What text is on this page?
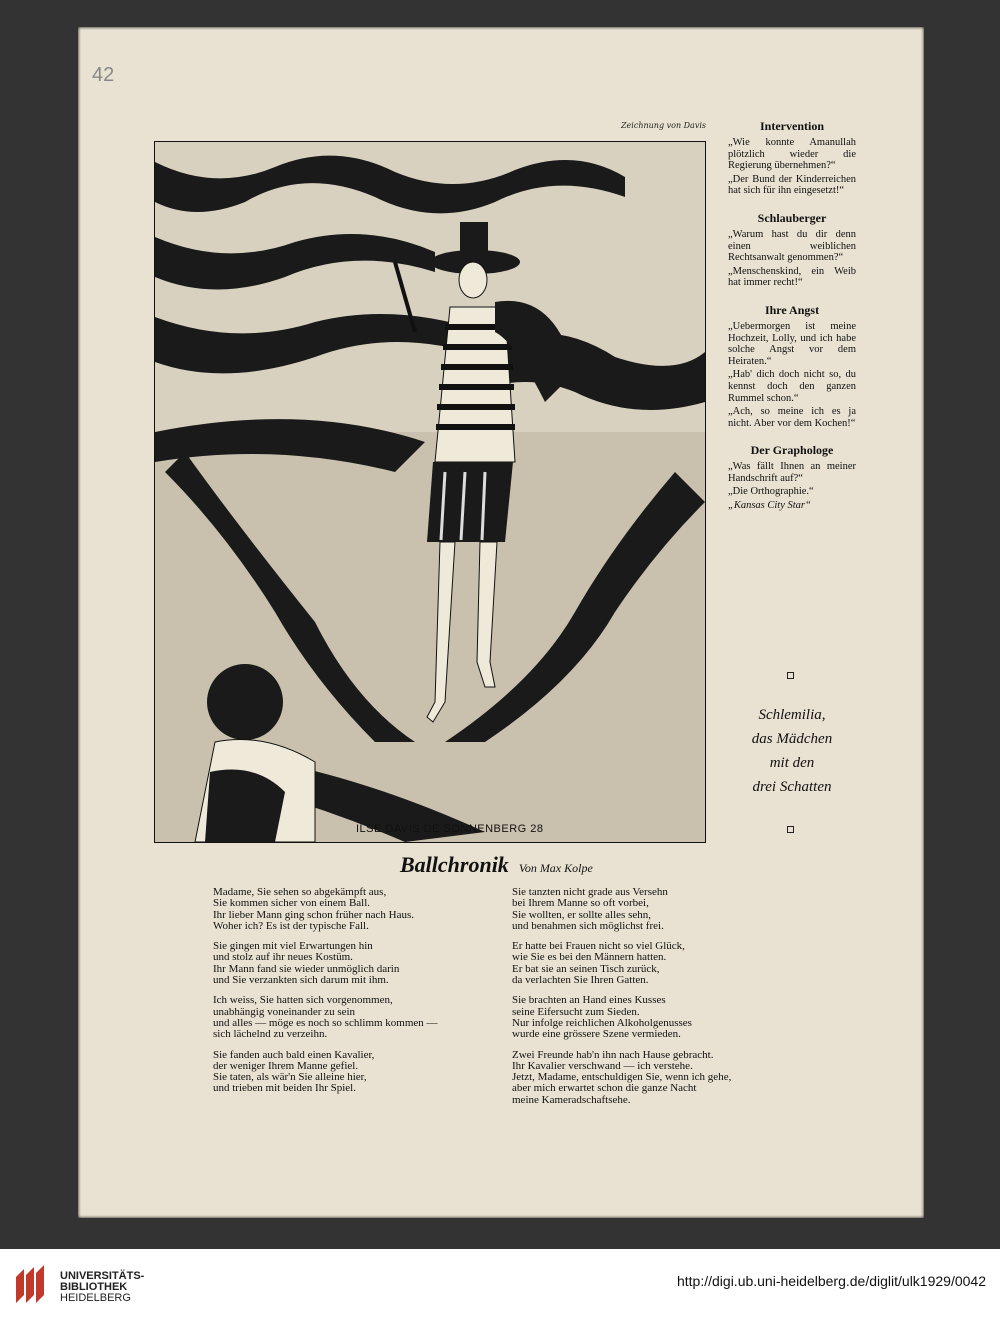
42
Zeichnung von Davis
ILSE DAVIS DE SONNENBERG 28
Intervention

„Wie konnte Amanullah plötzlich wieder die Regierung übernehmen?“

„Der Bund der Kinderreichen hat sich für ihn eingesetzt!“

Schlauberger

„Warum hast du dir denn einen weiblichen Rechtsanwalt genommen?“

„Menschenskind, ein Weib hat immer recht!“

Ihre Angst

„Uebermorgen ist meine Hochzeit, Lolly, und ich habe solche Angst vor dem Heiraten.“

„Hab' dich doch nicht so, du kennst doch den ganzen Rummel schon.“

„Ach, so meine ich es ja nicht. Aber vor dem Kochen!“

Der Graphologe

„Was fällt Ihnen an meiner Handschrift auf?“

„Die Orthographie.“

„Kansas City Star“

Schlemilia,
das Mädchen
mit den
drei Schatten
Ballchronik Von Max Kolpe
Madame, Sie sehen so abgekämpft aus,
Sie kommen sicher von einem Ball.
Ihr lieber Mann ging schon früher nach Haus.
Woher ich? Es ist der typische Fall.
Sie gingen mit viel Erwartungen hin
und stolz auf ihr neues Kostüm.
Ihr Mann fand sie wieder unmöglich darin
und Sie verzankten sich darum mit ihm.
Ich weiss, Sie hatten sich vorgenommen,
unabhängig voneinander zu sein
und alles — möge es noch so schlimm kommen —
sich lächelnd zu verzeihn.
Sie fanden auch bald einen Kavalier,
der weniger Ihrem Manne gefiel.
Sie taten, als wär'n Sie alleine hier,
und trieben mit beiden Ihr Spiel.
Sie tanzten nicht grade aus Versehn
bei Ihrem Manne so oft vorbei,
Sie wollten, er sollte alles sehn,
und benahmen sich möglichst frei.
Er hatte bei Frauen nicht so viel Glück,
wie Sie es bei den Männern hatten.
Er bat sie an seinen Tisch zurück,
da verlachten Sie Ihren Gatten.
Sie brachten an Hand eines Kusses
seine Eifersucht zum Sieden.
Nur infolge reichlichen Alkoholgenusses
wurde eine grössere Szene vermieden.
Zwei Freunde hab'n ihn nach Hause gebracht.
Ihr Kavalier verschwand — ich verstehe.
Jetzt, Madame, entschuldigen Sie, wenn ich gehe,
aber mich erwartet schon die ganze Nacht
meine Kameradschaftsehe.
UNIVERSITÄTS-
BIBLIOTHEK
HEIDELBERG
http://digi.ub.uni-heidelberg.de/diglit/ulk1929/0042
